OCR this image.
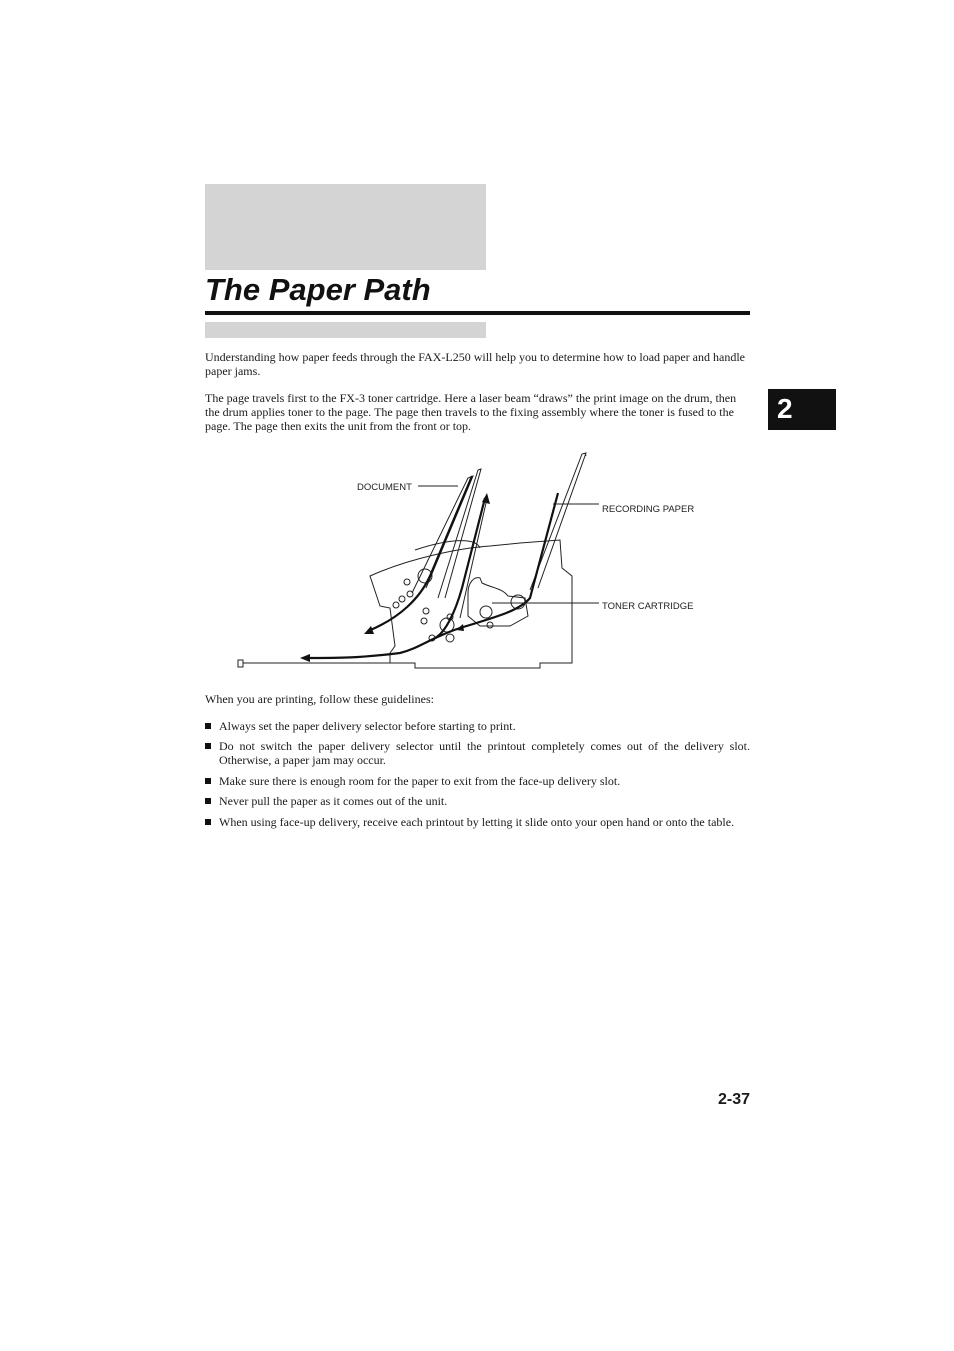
The Paper Path

Understanding how paper feeds through the FAX-L250 will help you to determine how to load paper and handle paper jams.

The page travels first to the FX-3 toner cartridge. Here a laser beam “draws” the print image on the drum, then the drum applies toner to the page. The page then travels to the fixing assembly where the toner is fused to the page. The page then exits the unit from the front or top.

2
DOCUMENT
RECORDING PAPER
TONER CARTRIDGE

When you are printing, follow these guidelines:

Always set the paper delivery selector before starting to print.
Do not switch the paper delivery selector until the printout completely comes out of the delivery slot. Otherwise, a paper jam may occur.
Make sure there is enough room for the paper to exit from the face-up delivery slot.
Never pull the paper as it comes out of the unit.
When using face-up delivery, receive each printout by letting it slide onto your open hand or onto the table.
2-37
